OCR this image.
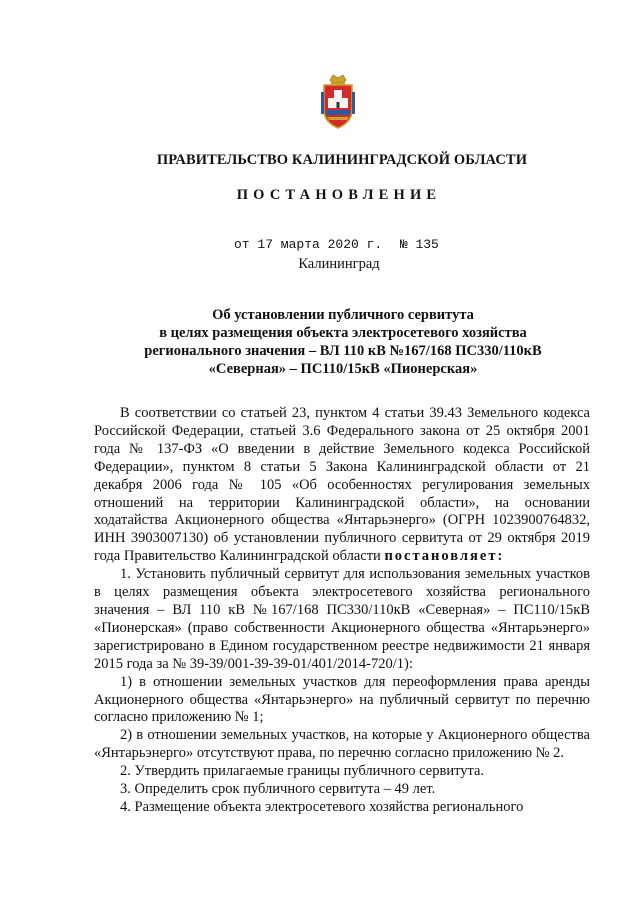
ПРАВИТЕЛЬСТВО КАЛИНИНГРАДСКОЙ ОБЛАСТИ
ПОСТАНОВЛЕНИЕ
от 17 марта 2020 г. № 135
Калининград
Об установлении публичного сервитута
в целях размещения объекта электросетевого хозяйства
регионального значения – ВЛ 110 кВ №167/168 ПС330/110кВ
«Северная» – ПС110/15кВ «Пионерская»

В соответствии со статьей 23, пунктом 4 статьи 39.43 Земельного кодекса Российской Федерации, статьей 3.6 Федерального закона от 25 октября 2001 года № 137-ФЗ «О введении в действие Земельного кодекса Российской Федерации», пунктом 8 статьи 5 Закона Калининградской области от 21 декабря 2006 года № 105 «Об особенностях регулирования земельных отношений на территории Калининградской области», на основании ходатайства Акционерного общества «Янтарьэнерго» (ОГРН 1023900764832, ИНН 3903007130) об установлении публичного сервитута от 29 октября 2019 года Правительство Калининградской области постановляет:

1. Установить публичный сервитут для использования земельных участков в целях размещения объекта электросетевого хозяйства регионального значения – ВЛ 110 кВ №167/168 ПС330/110кВ «Северная» – ПС110/15кВ «Пионерская» (право собственности Акционерного общества «Янтарьэнерго» зарегистрировано в Едином государственном реестре недвижимости 21 января 2015 года за № 39-39/001-39-39-01/401/2014-720/1):

1) в отношении земельных участков для переоформления права аренды Акционерного общества «Янтарьэнерго» на публичный сервитут по перечню согласно приложению № 1;

2) в отношении земельных участков, на которые у Акционерного общества «Янтарьэнерго» отсутствуют права, по перечню согласно приложению № 2.

2. Утвердить прилагаемые границы публичного сервитута.

3. Определить срок публичного сервитута – 49 лет.

4. Размещение объекта электросетевого хозяйства регионального
